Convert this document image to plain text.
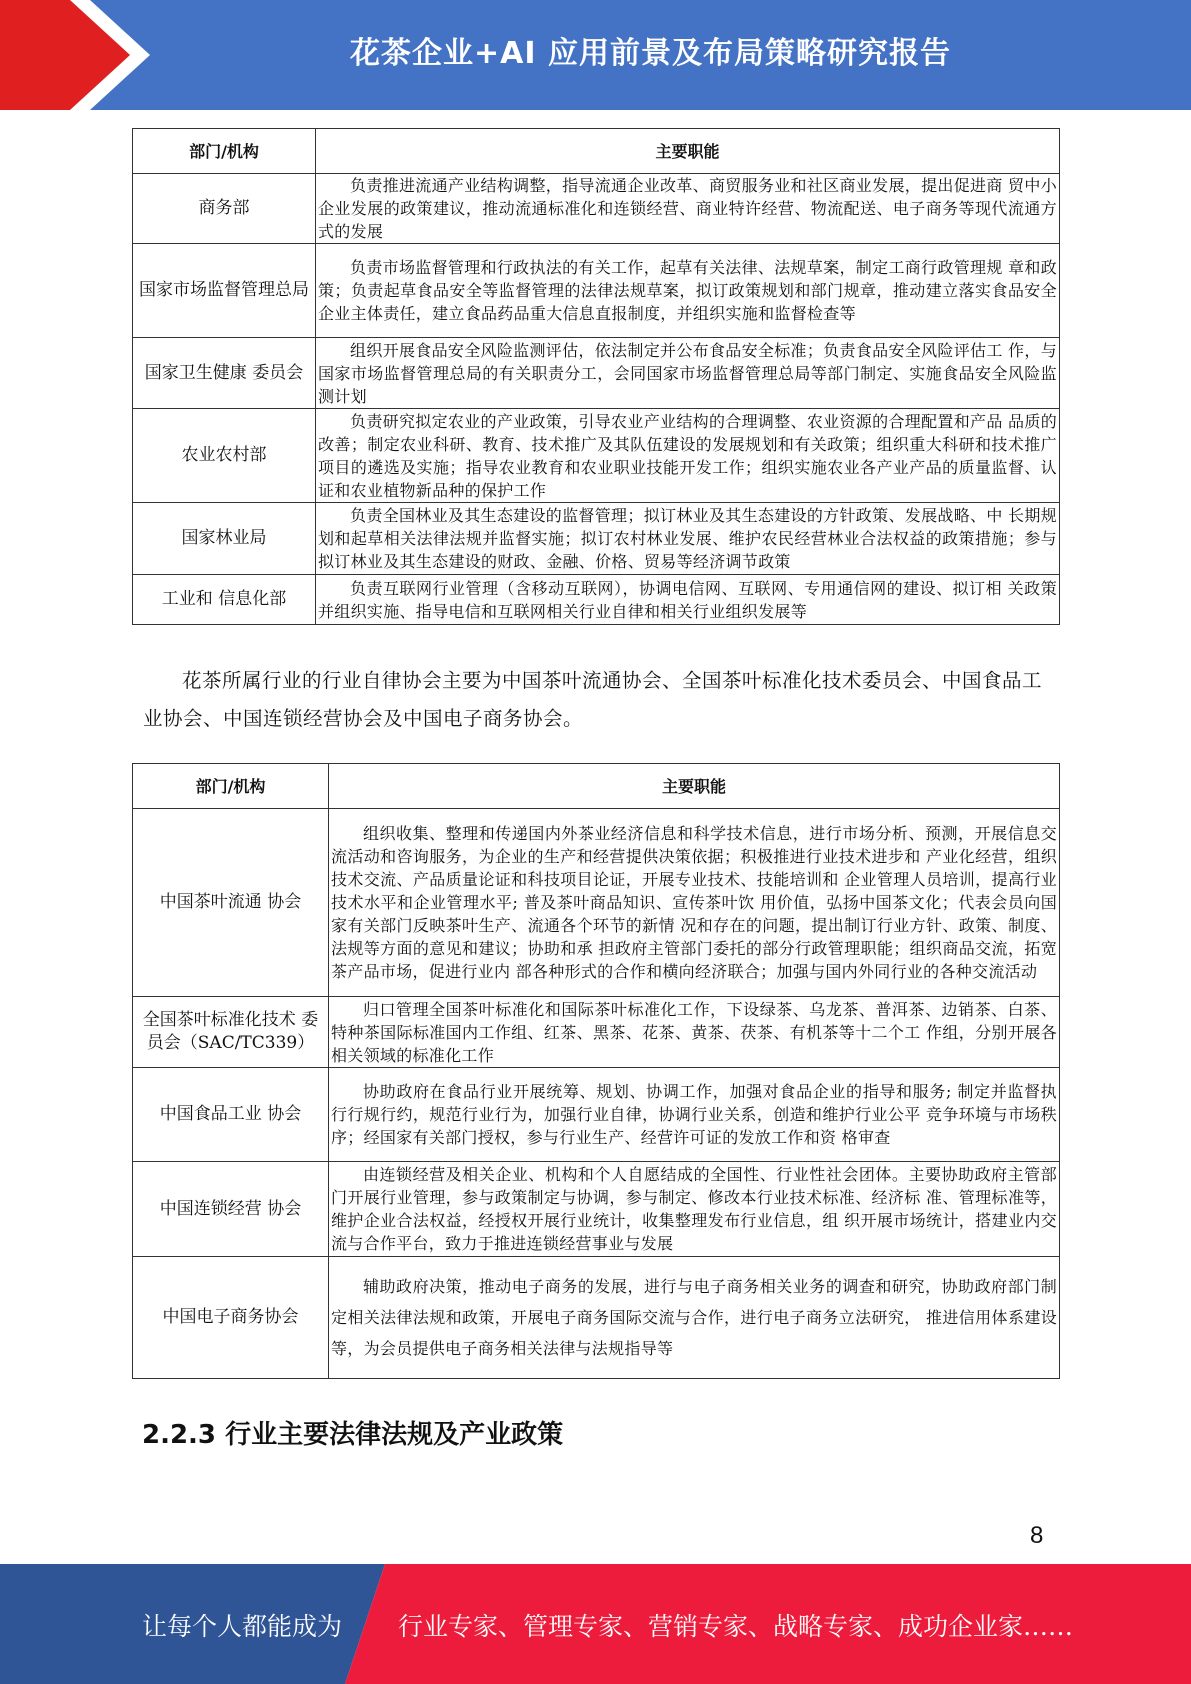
花茶企业+AI 应用前景及布局策略研究报告
部门/机构	主要职能
商务部	负责推进流通产业结构调整，指导流通企业改革、商贸服务业和社区商业发展，提出促进商 贸中小企业发展的政策建议，推动流通标准化和连锁经营、商业特许经营、物流配送、电子商务等现代流通方式的发展
国家市场监督管理总局	负责市场监督管理和行政执法的有关工作，起草有关法律、法规草案，制定工商行政管理规 章和政策；负责起草食品安全等监督管理的法律法规草案，拟订政策规划和部门规章，推动建立落实食品安全企业主体责任，建立食品药品重大信息直报制度，并组织实施和监督检查等
国家卫生健康 委员会	组织开展食品安全风险监测评估，依法制定并公布食品安全标准；负责食品安全风险评估工 作，与国家市场监督管理总局的有关职责分工，会同国家市场监督管理总局等部门制定、实施食品安全风险监测计划
农业农村部	负责研究拟定农业的产业政策，引导农业产业结构的合理调整、农业资源的合理配置和产品 品质的改善；制定农业科研、教育、技术推广及其队伍建设的发展规划和有关政策；组织重大科研和技术推广项目的遴选及实施；指导农业教育和农业职业技能开发工作；组织实施农业各产业产品的质量监督、认证和农业植物新品种的保护工作
国家林业局	负责全国林业及其生态建设的监督管理；拟订林业及其生态建设的方针政策、发展战略、中 长期规划和起草相关法律法规并监督实施；拟订农村林业发展、维护农民经营林业合法权益的政策措施；参与拟订林业及其生态建设的财政、金融、价格、贸易等经济调节政策
工业和 信息化部	负责互联网行业管理（含移动互联网），协调电信网、互联网、专用通信网的建设、拟订相 关政策并组织实施、指导电信和互联网相关行业自律和相关行业组织发展等
花茶所属行业的行业自律协会主要为中国茶叶流通协会、全国茶叶标准化技术委员会、中国食品工业协会、中国连锁经营协会及中国电子商务协会。
部门/机构	主要职能
中国茶叶流通 协会	组织收集、整理和传递国内外茶业经济信息和科学技术信息，进行市场分析、预测，开展信息交流活动和咨询服务，为企业的生产和经营提供决策依据；积极推进行业技术进步和 产业化经营，组织技术交流、产品质量论证和科技项目论证，开展专业技术、技能培训和 企业管理人员培训，提高行业技术水平和企业管理水平; 普及茶叶商品知识、宣传茶叶饮 用价值，弘扬中国茶文化；代表会员向国家有关部门反映茶叶生产、流通各个环节的新情 况和存在的问题，提出制订行业方针、政策、制度、法规等方面的意见和建议；协助和承 担政府主管部门委托的部分行政管理职能；组织商品交流，拓宽茶产品市场，促进行业内 部各种形式的合作和横向经济联合；加强与国内外同行业的各种交流活动
全国茶叶标准化技术 委员会（SAC/TC339）	归口管理全国茶叶标准化和国际茶叶标准化工作，下设绿茶、乌龙茶、普洱茶、边销茶、白茶、特种茶国际标准国内工作组、红茶、黑茶、花茶、黄茶、茯茶、有机茶等十二个工 作组，分别开展各相关领域的标准化工作
中国食品工业 协会	协助政府在食品行业开展统筹、规划、协调工作，加强对食品企业的指导和服务; 制定并监督执行行规行约，规范行业行为，加强行业自律，协调行业关系，创造和维护行业公平 竞争环境与市场秩序；经国家有关部门授权，参与行业生产、经营许可证的发放工作和资 格审查
中国连锁经营 协会	由连锁经营及相关企业、机构和个人自愿结成的全国性、行业性社会团体。主要协助政府主管部门开展行业管理，参与政策制定与协调，参与制定、修改本行业技术标准、经济标 准、管理标准等，维护企业合法权益，经授权开展行业统计，收集整理发布行业信息，组 织开展市场统计，搭建业内交流与合作平台，致力于推进连锁经营事业与发展
中国电子商务协会	辅助政府决策，推动电子商务的发展，进行与电子商务相关业务的调查和研究，协助政府部门制定相关法律法规和政策，开展电子商务国际交流与合作，进行电子商务立法研究， 推进信用体系建设等，为会员提供电子商务相关法律与法规指导等
2.2.3 行业主要法律法规及产业政策
8
让每个人都能成为 行业专家、管理专家、营销专家、战略专家、成功企业家……
